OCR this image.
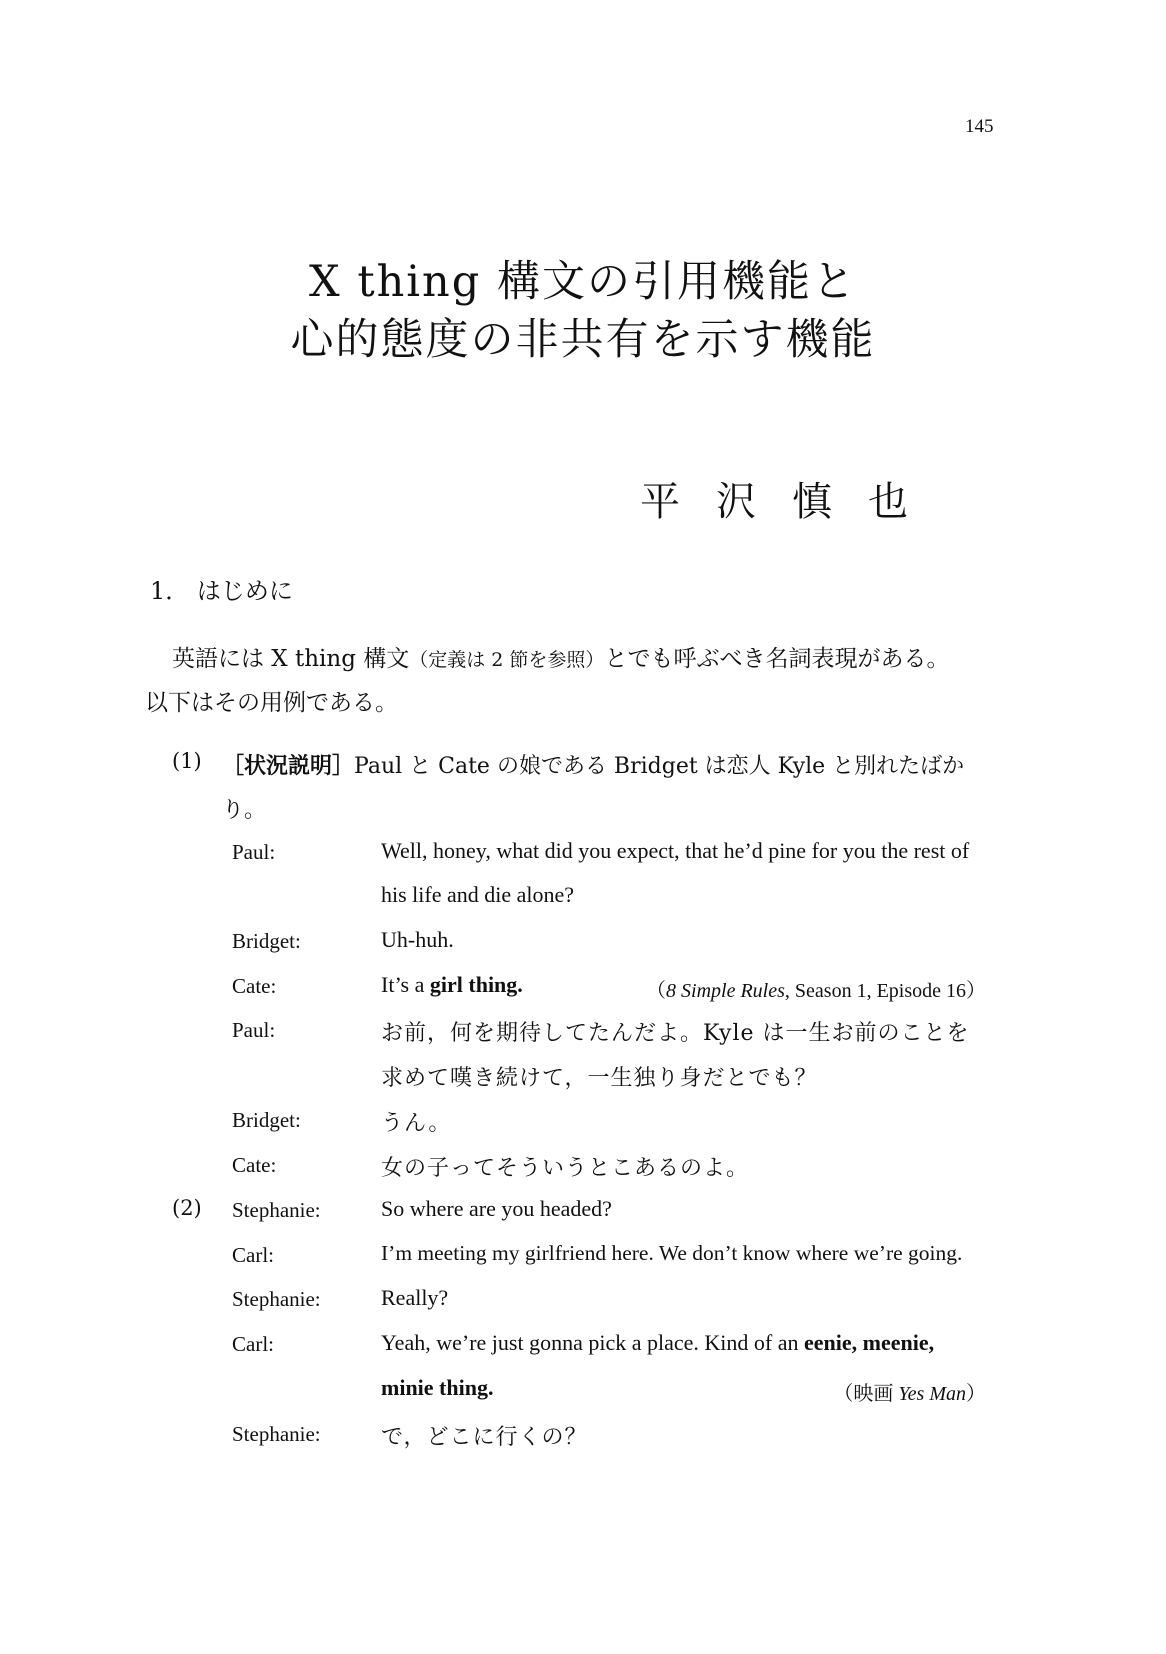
145
X thing 構文の引用機能と
心的態度の非共有を示す機能
平沢慎也
1． はじめに
英語には X thing 構文（定義は 2 節を参照）とでも呼ぶべき名詞表現がある。
以下はその用例である。
(1) ［状況説明］Paul と Cate の娘である Bridget は恋人 Kyle と別れたばか
り。
Paul:	Well, honey, what did you expect, that he’d pine for you the rest of
his life and die alone?
Bridget:	Uh-huh.
Cate:	It’s a girl thing.	（8 Simple Rules, Season 1, Episode 16）
Paul:	お前，何を期待してたんだよ。Kyle は一生お前のことを
求めて嘆き続けて，一生独り身だとでも？
Bridget:	うん。
Cate:	女の子ってそういうとこあるのよ。
(2) Stephanie:	So where are you headed?
Carl:	I’m meeting my girlfriend here. We don’t know where we’re going.
Stephanie:	Really?
Carl:	Yeah, we’re just gonna pick a place. Kind of an eenie, meenie,
minie thing.	（映画 Yes Man）
Stephanie:	で，どこに行くの？
